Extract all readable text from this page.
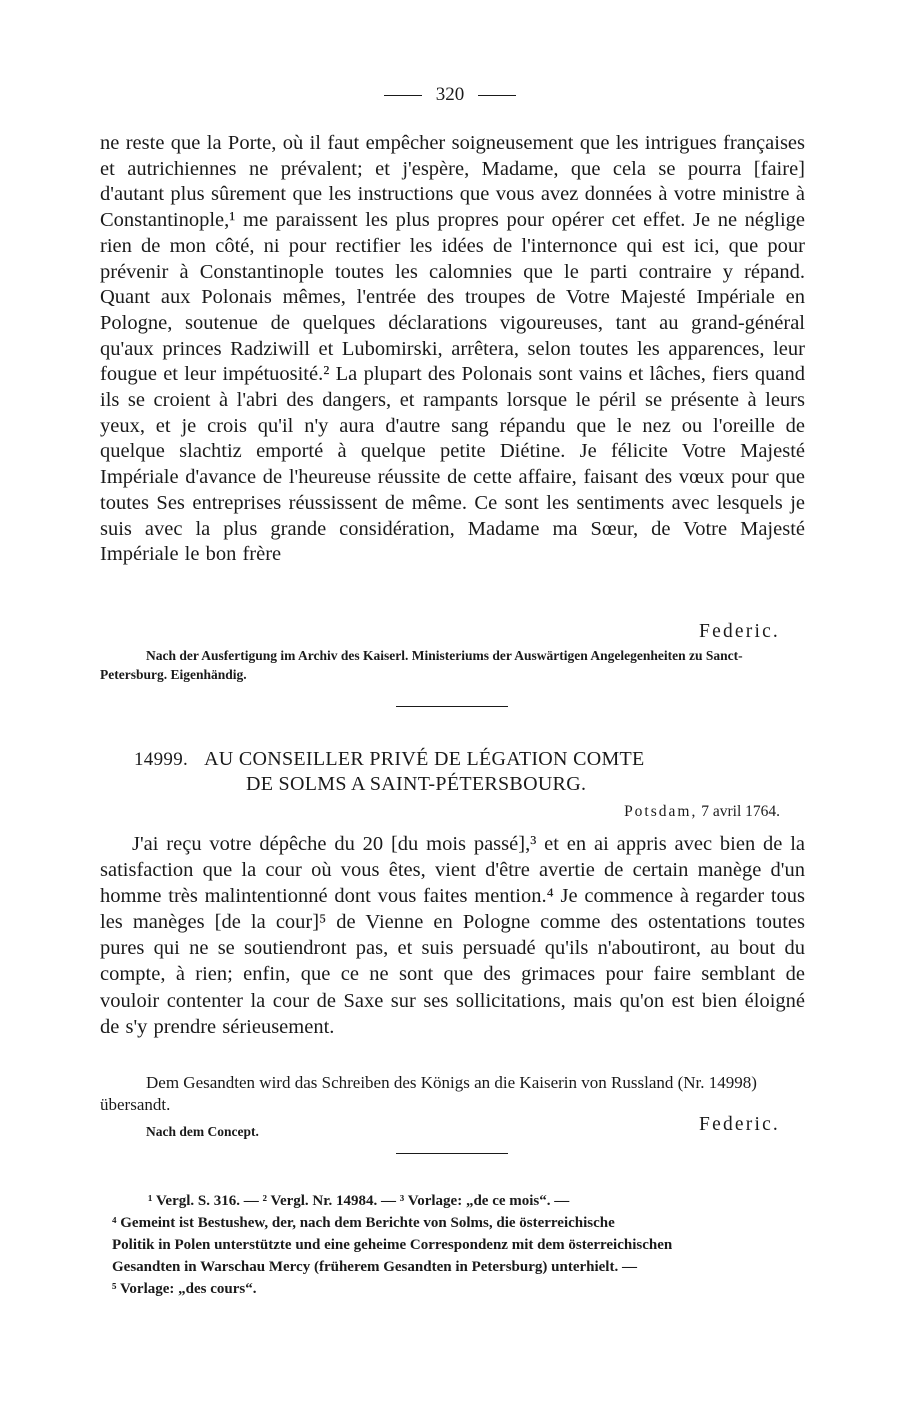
320
ne reste que la Porte, où il faut empêcher soigneusement que les intrigues françaises et autrichiennes ne prévalent; et j'espère, Madame, que cela se pourra [faire] d'autant plus sûrement que les instructions que vous avez données à votre ministre à Constantinople,¹ me paraissent les plus propres pour opérer cet effet. Je ne néglige rien de mon côté, ni pour rectifier les idées de l'internonce qui est ici, que pour prévenir à Constantinople toutes les calomnies que le parti contraire y répand. Quant aux Polonais mêmes, l'entrée des troupes de Votre Majesté Impériale en Pologne, soutenue de quelques déclarations vigoureuses, tant au grand-général qu'aux princes Radziwill et Lubomirski, arrêtera, selon toutes les apparences, leur fougue et leur impétuosité.² La plupart des Polonais sont vains et lâches, fiers quand ils se croient à l'abri des dangers, et rampants lorsque le péril se présente à leurs yeux, et je crois qu'il n'y aura d'autre sang répandu que le nez ou l'oreille de quelque slachtiz emporté à quelque petite Diétine. Je félicite Votre Majesté Impériale d'avance de l'heureuse réussite de cette affaire, faisant des vœux pour que toutes Ses entreprises réussissent de même. Ce sont les sentiments avec lesquels je suis avec la plus grande considération, Madame ma Sœur, de Votre Majesté Impériale le bon frère
Federic.
Nach der Ausfertigung im Archiv des Kaiserl. Ministeriums der Auswärtigen Angelegenheiten zu Sanct-Petersburg. Eigenhändig.
14999. AU CONSEILLER PRIVÉ DE LÉGATION COMTE
DE SOLMS A SAINT-PÉTERSBOURG.
Potsdam, 7 avril 1764.
J'ai reçu votre dépêche du 20 [du mois passé],³ et en ai appris avec bien de la satisfaction que la cour où vous êtes, vient d'être avertie de certain manège d'un homme très malintentionné dont vous faites mention.⁴ Je commence à regarder tous les manèges [de la cour]⁵ de Vienne en Pologne comme des ostentations toutes pures qui ne se soutiendront pas, et suis persuadé qu'ils n'aboutiront, au bout du compte, à rien; enfin, que ce ne sont que des grimaces pour faire semblant de vouloir contenter la cour de Saxe sur ses sollicitations, mais qu'on est bien éloigné de s'y prendre sérieusement.
Dem Gesandten wird das Schreiben des Königs an die Kaiserin von Russland (Nr. 14998) übersandt.
Nach dem Concept.	Federic.
¹ Vergl. S. 316. — ² Vergl. Nr. 14984. — ³ Vorlage: „de ce mois“. —
⁴ Gemeint ist Bestushew, der, nach dem Berichte von Solms, die österreichische
Politik in Polen unterstützte und eine geheime Correspondenz mit dem österreichischen
Gesandten in Warschau Mercy (früherem Gesandten in Petersburg) unterhielt. —
⁵ Vorlage: „des cours“.
